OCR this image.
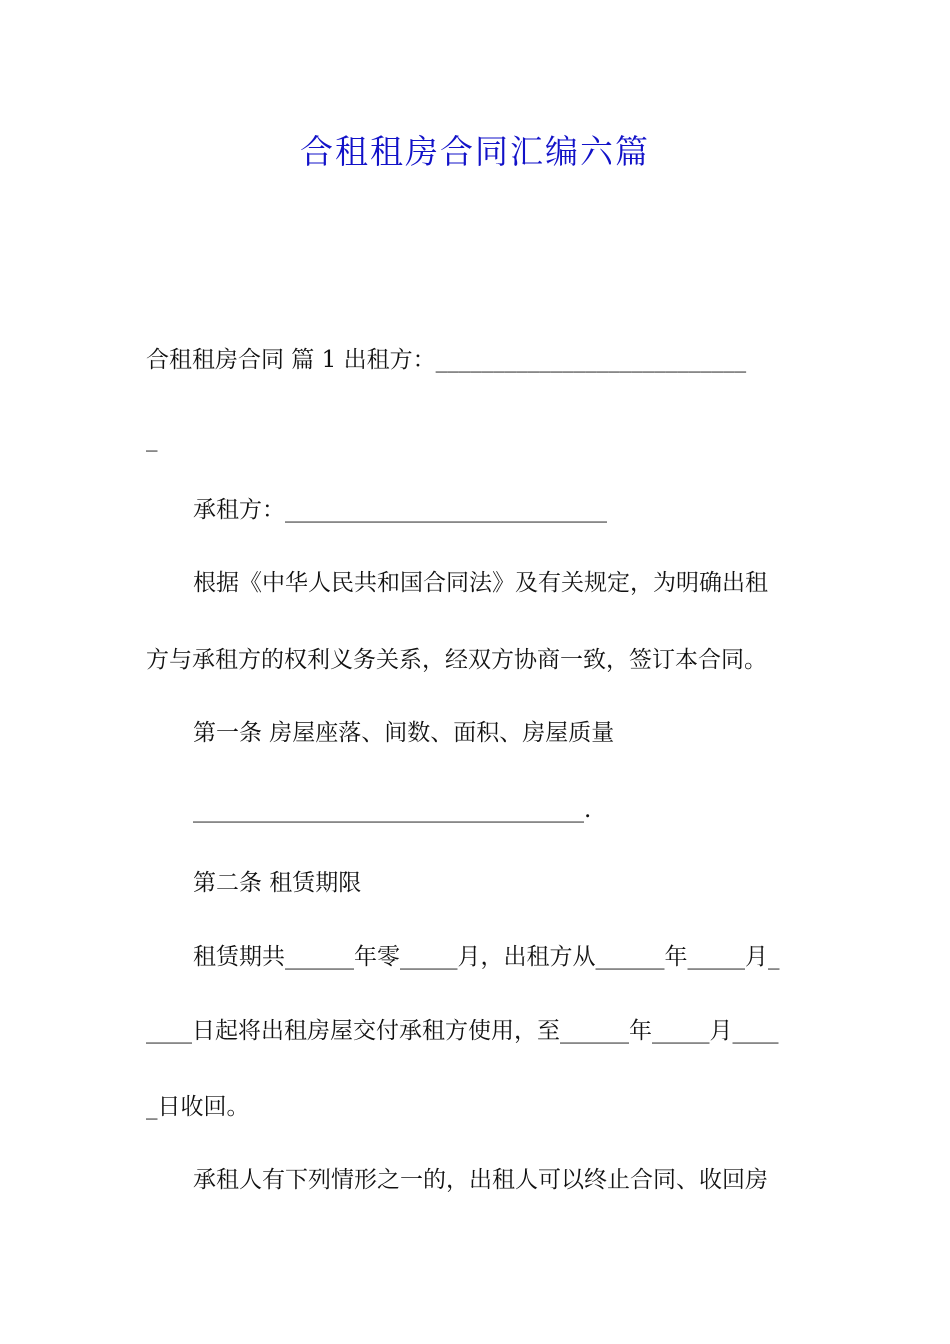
合租租房合同汇编六篇
合租租房合同 篇 1 出租方：___________________________
_
承租方：____________________________
根据《中华人民共和国合同法》及有关规定，为明确出租
方与承租方的权利义务关系，经双方协商一致，签订本合同。
第一条 房屋座落、间数、面积、房屋质量
__________________________________.
第二条 租赁期限
租赁期共______年零_____月，出租方从______年_____月_
____日起将出租房屋交付承租方使用，至______年_____月____
_日收回。
承租人有下列情形之一的，出租人可以终止合同、收回房
